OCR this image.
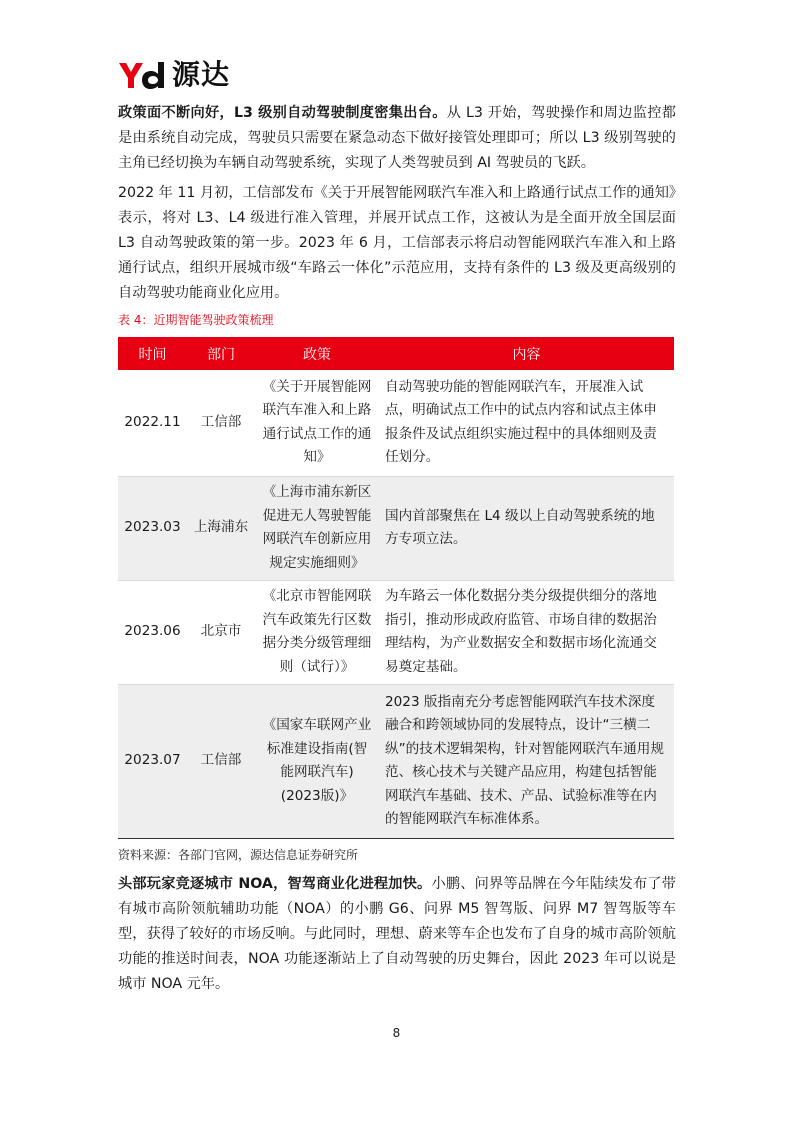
源达

政策面不断向好，L3 级别自动驾驶制度密集出台。从 L3 开始，驾驶操作和周边监控都是由系统自动完成，驾驶员只需要在紧急动态下做好接管处理即可；所以 L3 级别驾驶的主角已经切换为车辆自动驾驶系统，实现了人类驾驶员到 AI 驾驶员的飞跃。

2022 年 11 月初，工信部发布《关于开展智能网联汽车准入和上路通行试点工作的通知》表示，将对 L3、L4 级进行准入管理，并展开试点工作，这被认为是全面开放全国层面 L3 自动驾驶政策的第一步。2023 年 6 月，工信部表示将启动智能网联汽车准入和上路通行试点，组织开展城市级“车路云一体化”示范应用，支持有条件的 L3 级及更高级别的自动驾驶功能商业化应用。

表 4：近期智能驾驶政策梳理
时间	部门	政策	内容
2022.11	工信部	《关于开展智能网联汽车准入和上路通行试点工作的通知》	自动驾驶功能的智能网联汽车，开展准入试点，明确试点工作中的试点内容和试点主体申报条件及试点组织实施过程中的具体细则及责任划分。
2023.03	上海浦东	《上海市浦东新区促进无人驾驶智能网联汽车创新应用规定实施细则》	国内首部聚焦在 L4 级以上自动驾驶系统的地方专项立法。
2023.06	北京市	《北京市智能网联汽车政策先行区数据分类分级管理细则（试行）》	为车路云一体化数据分类分级提供细分的落地指引，推动形成政府监管、市场自律的数据治理结构，为产业数据安全和数据市场化流通交易奠定基础。
2023.07	工信部	《国家车联网产业标准建设指南(智能网联汽车)(2023版)》	2023 版指南充分考虑智能网联汽车技术深度融合和跨领域协同的发展特点，设计“三横二纵”的技术逻辑架构，针对智能网联汽车通用规范、核心技术与关键产品应用，构建包括智能网联汽车基础、技术、产品、试验标准等在内的智能网联汽车标准体系。
资料来源：各部门官网，源达信息证券研究所

头部玩家竞逐城市 NOA，智驾商业化进程加快。小鹏、问界等品牌在今年陆续发布了带有城市高阶领航辅助功能（NOA）的小鹏 G6、问界 M5 智驾版、问界 M7 智驾版等车型，获得了较好的市场反响。与此同时，理想、蔚来等车企也发布了自身的城市高阶领航功能的推送时间表，NOA 功能逐渐站上了自动驾驶的历史舞台，因此 2023 年可以说是城市 NOA 元年。

8
